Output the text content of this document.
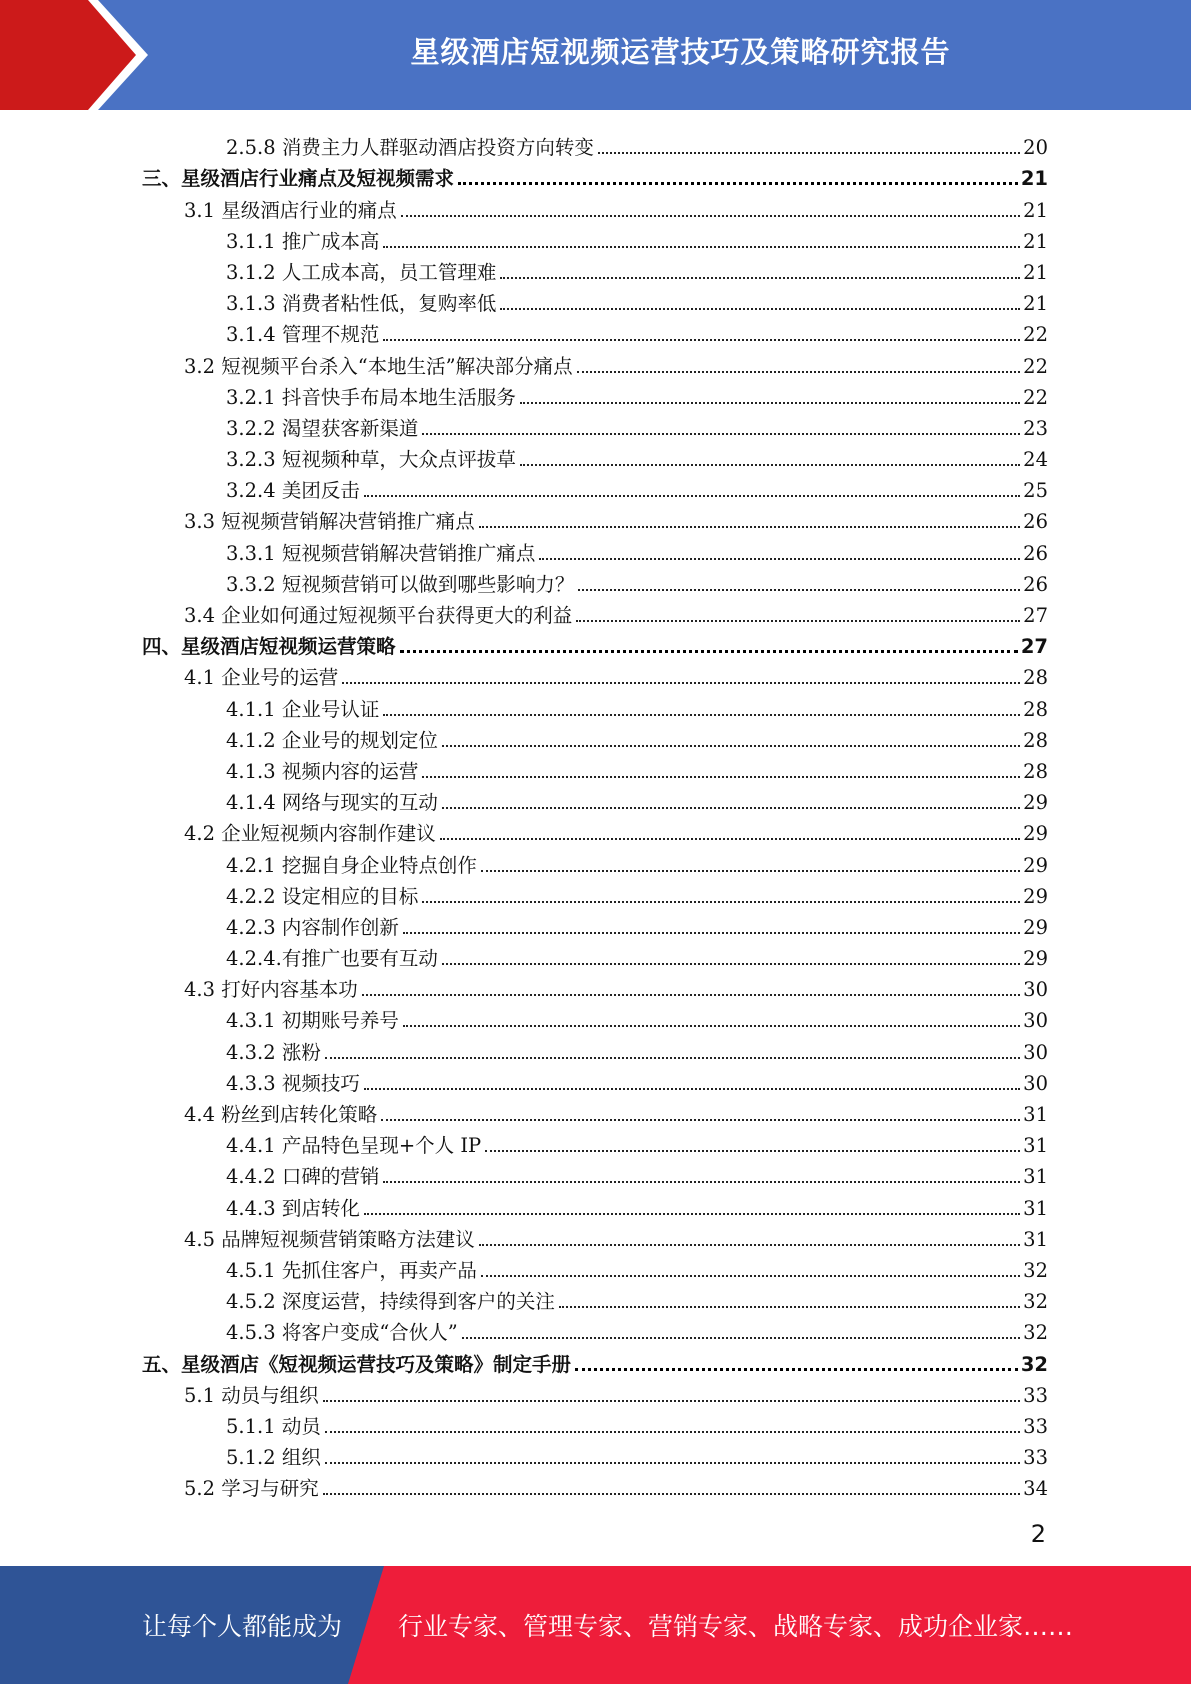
星级酒店短视频运营技巧及策略研究报告
2.5.8 消费主力人群驱动酒店投资方向转变	20
三、星级酒店行业痛点及短视频需求	21
3.1 星级酒店行业的痛点	21
3.1.1 推广成本高	21
3.1.2 人工成本高，员工管理难	21
3.1.3 消费者粘性低，复购率低	21
3.1.4 管理不规范	22
3.2 短视频平台杀入“本地生活”解决部分痛点	22
3.2.1 抖音快手布局本地生活服务	22
3.2.2 渴望获客新渠道	23
3.2.3 短视频种草，大众点评拔草	24
3.2.4 美团反击	25
3.3 短视频营销解决营销推广痛点	26
3.3.1 短视频营销解决营销推广痛点	26
3.3.2 短视频营销可以做到哪些影响力？	26
3.4 企业如何通过短视频平台获得更大的利益	27
四、星级酒店短视频运营策略	27
4.1 企业号的运营	28
4.1.1 企业号认证	28
4.1.2 企业号的规划定位	28
4.1.3 视频内容的运营	28
4.1.4 网络与现实的互动	29
4.2 企业短视频内容制作建议	29
4.2.1 挖掘自身企业特点创作	29
4.2.2 设定相应的目标	29
4.2.3 内容制作创新	29
4.2.4.有推广也要有互动	29
4.3 打好内容基本功	30
4.3.1 初期账号养号	30
4.3.2 涨粉	30
4.3.3 视频技巧	30
4.4 粉丝到店转化策略	31
4.4.1 产品特色呈现+个人 IP	31
4.4.2 口碑的营销	31
4.4.3 到店转化	31
4.5 品牌短视频营销策略方法建议	31
4.5.1 先抓住客户，再卖产品	32
4.5.2 深度运营，持续得到客户的关注	32
4.5.3 将客户变成“合伙人”	32
五、星级酒店《短视频运营技巧及策略》制定手册	32
5.1 动员与组织	33
5.1.1 动员	33
5.1.2 组织	33
5.2 学习与研究	34
2
让每个人都能成为 行业专家、管理专家、营销专家、战略专家、成功企业家……
